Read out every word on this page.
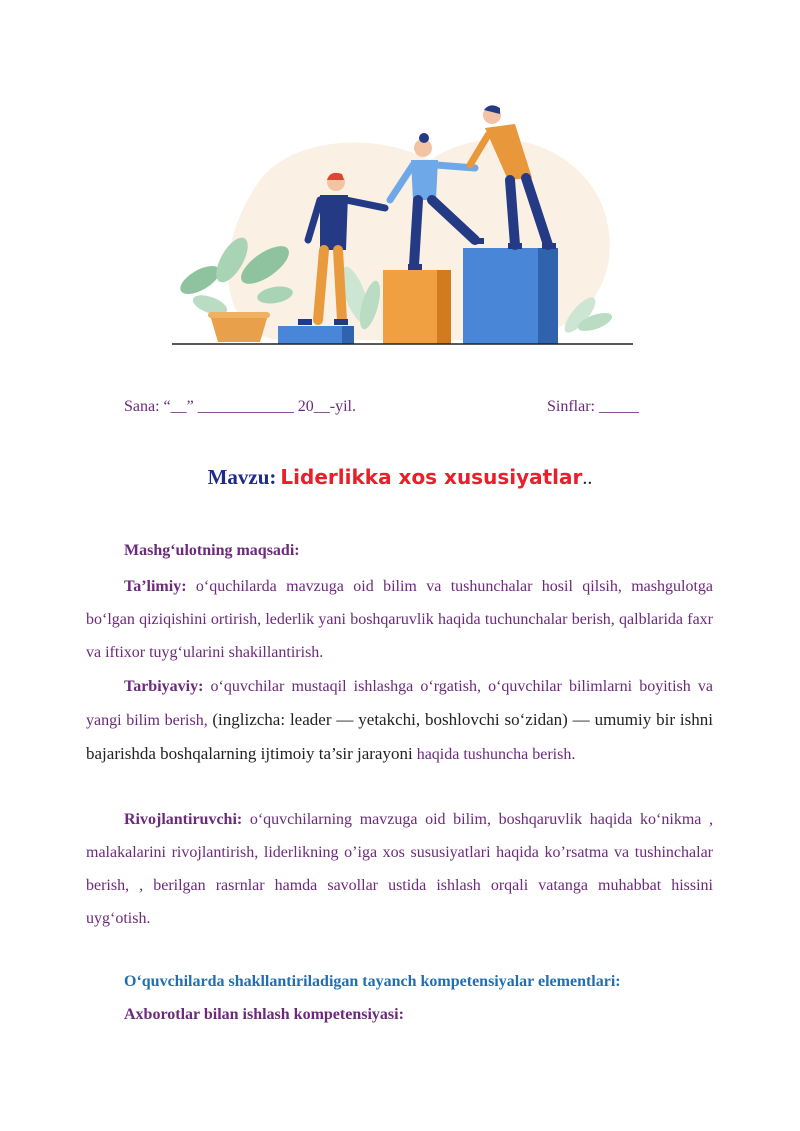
Sana: “__” ____________ 20__-yil.	Sinflar: _____
Mavzu: Liderlikka xos xususiyatlar..
Mashg‘ulotning maqsadi:
Ta’limiy: o‘quchilarda mavzuga oid bilim va tushunchalar hosil qilsih, mashgulotga bo‘lgan qiziqishini ortirish, lederlik yani boshqaruvlik haqida tuchunchalar berish, qalblarida faxr va iftixor tuyg‘ularini shakillantirish.
Tarbiyaviy: o‘quvchilar mustaqil ishlashga o‘rgatish, o‘quvchilar bilimlarni boyitish va yangi bilim berish, (inglizcha: leader — yetakchi, boshlovchi so‘zidan) — umumiy bir ishni bajarishda boshqalarning ijtimoiy ta’sir jarayoni haqida tushuncha berish.
Rivojlantiruvchi: o‘quvchilarning mavzuga oid bilim, boshqaruvlik haqida ko‘nikma , malakalarini rivojlantirish, liderlikning o’iga xos sususiyatlari haqida ko’rsatma va tushinchalar berish, , berilgan rasrnlar hamda savollar ustida ishlash orqali vatanga muhabbat hissini uyg‘otish.
O‘quvchilarda shakllantiriladigan tayanch kompetensiyalar elementlari:
Axborotlar bilan ishlash kompetensiyasi:
